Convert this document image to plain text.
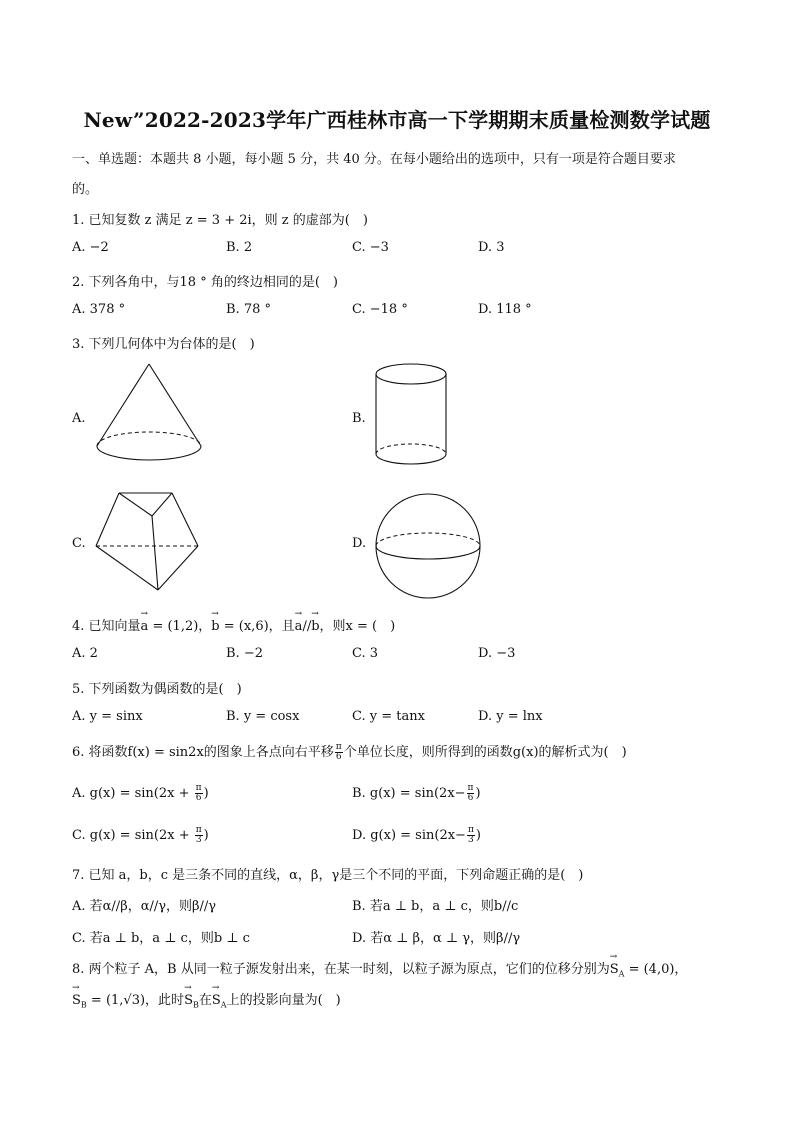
New”2022-2023学年广西桂林市高一下学期期末质量检测数学试题
一、单选题：本题共 8 小题，每小题 5 分，共 40 分。在每小题给出的选项中，只有一项是符合题目要求
的。
1. 已知复数 z 满足 z = 3 + 2i，则 z 的虚部为(　)
A. −2	B. 2	C. −3	D. 3
2. 下列各角中，与18 ° 角的终边相同的是(　)
A. 378 °	B. 78 °	C. −18 °	D. 118 °
3. 下列几何体中为台体的是(　)
A.	B.
C.	D.
4. 已知向量→ a = (1,2)，→ b = (x,6)，且→ a//→ b，则x = (　)
A. 2	B. −2	C. 3	D. −3
5. 下列函数为偶函数的是(　)
A. y = sinx	B. y = cosx	C. y = tanx	D. y = lnx
6. 将函数f(x) = sin2x的图象上各点向右平移 $\frac{\pi}{6}$ 个单位长度，则所得到的函数g(x)的解析式为(　)
A. $g(x) = \sin(2x + \frac{\pi}{6}$ )	B. $g(x) = \sin(2x- \frac{\pi}{6}$ )
C. $g(x) = \sin(2x + \frac{\pi}{3}$ )	D. $g(x) = \sin(2x- \frac{\pi}{3}$ )
7. 已知 a，b，c 是三条不同的直线，α，β，γ是三个不同的平面，下列命题正确的是(　)
A. 若α//β，α//γ，则β//γ	B. 若a ⊥ b，a ⊥ c，则b//c
C. 若a ⊥ b，a ⊥ c，则b ⊥ c	D. 若α ⊥ β，α ⊥ γ，则β//γ
8. 两个粒子 A，B 从同一粒子源发射出来，在某一时刻，以粒子源为原点，它们的位移分别为→ $S_A = (4,0)$，
→ $S_B = (1,√3)$，此时→ $S_B$在→ $S_A$上的投影向量为(　)
